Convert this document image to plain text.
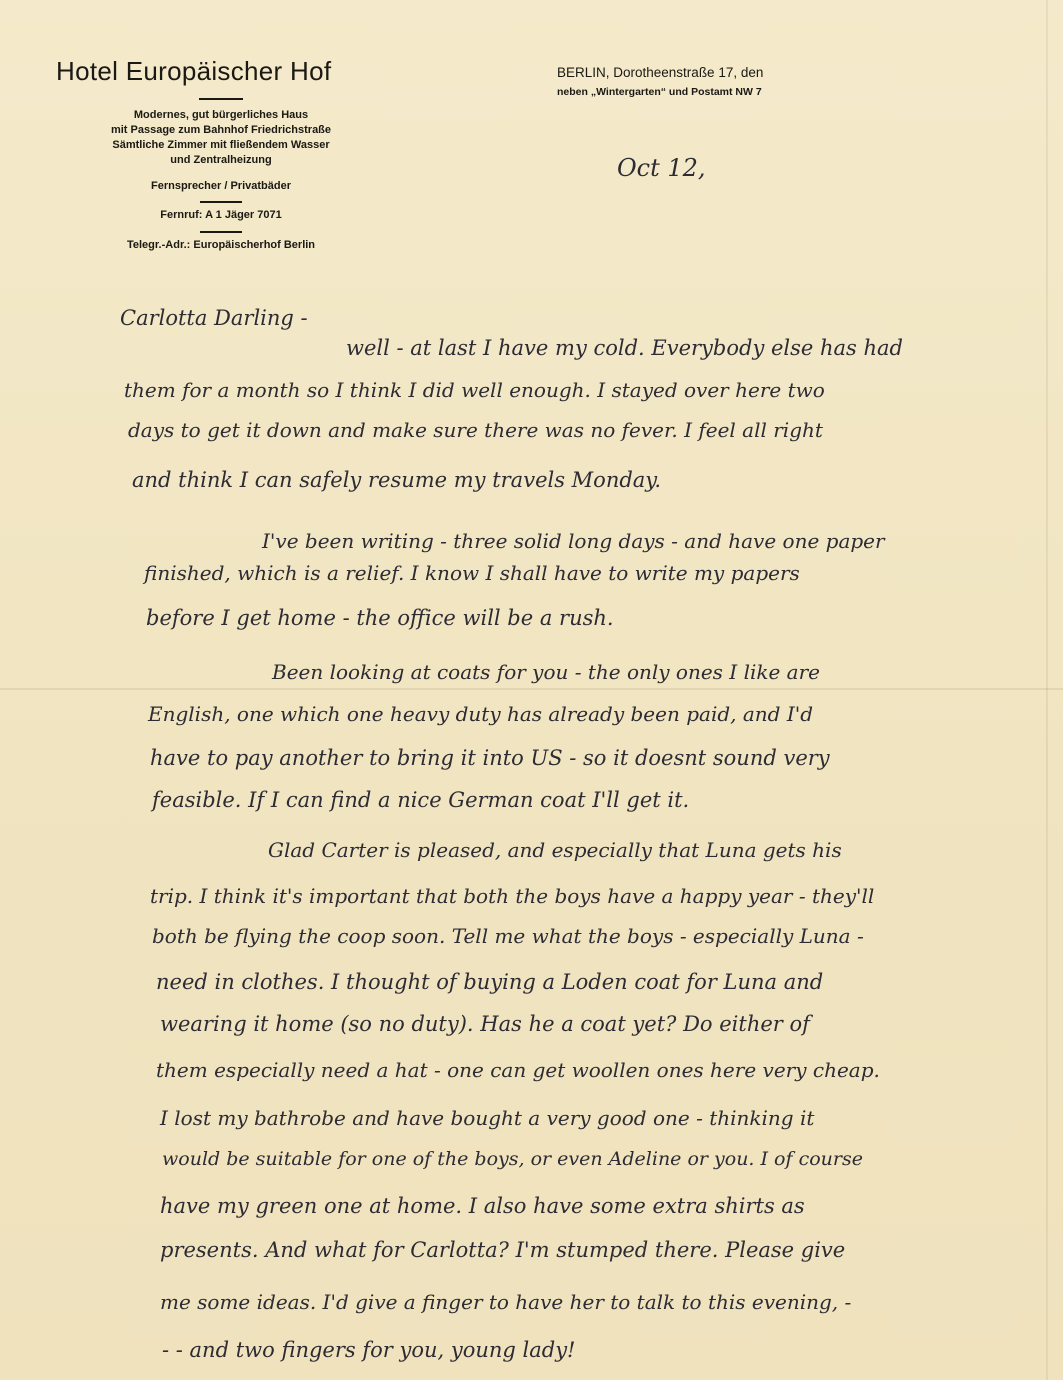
Hotel Europäischer Hof
Modernes, gut bürgerliches Haus
mit Passage zum Bahnhof Friedrichstraße
Sämtliche Zimmer mit fließendem Wasser
und Zentralheizung
Fernsprecher / Privatbäder
Fernruf: A 1 Jäger 7071
Telegr.-Adr.: Europäischerhof Berlin
BERLIN, Dorotheenstraße 17, den
neben „Wintergarten“ und Postamt NW 7
Oct 12,
Carlotta Darling -
well - at last I have my cold. Everybody else has had
them for a month so I think I did well enough. I stayed over here two
days to get it down and make sure there was no fever. I feel all right
and think I can safely resume my travels Monday.
I've been writing - three solid long days - and have one paper
finished, which is a relief. I know I shall have to write my papers
before I get home - the office will be a rush.
Been looking at coats for you - the only ones I like are
English, one which one heavy duty has already been paid, and I'd
have to pay another to bring it into US - so it doesnt sound very
feasible. If I can find a nice German coat I'll get it.
Glad Carter is pleased, and especially that Luna gets his
trip. I think it's important that both the boys have a happy year - they'll
both be flying the coop soon. Tell me what the boys - especially Luna -
need in clothes. I thought of buying a Loden coat for Luna and
wearing it home (so no duty). Has he a coat yet? Do either of
them especially need a hat - one can get woollen ones here very cheap.
I lost my bathrobe and have bought a very good one - thinking it
would be suitable for one of the boys, or even Adeline or you. I of course
have my green one at home. I also have some extra shirts as
presents. And what for Carlotta? I'm stumped there. Please give
me some ideas. I'd give a finger to have her to talk to this evening, -
- - and two fingers for you, young lady!
